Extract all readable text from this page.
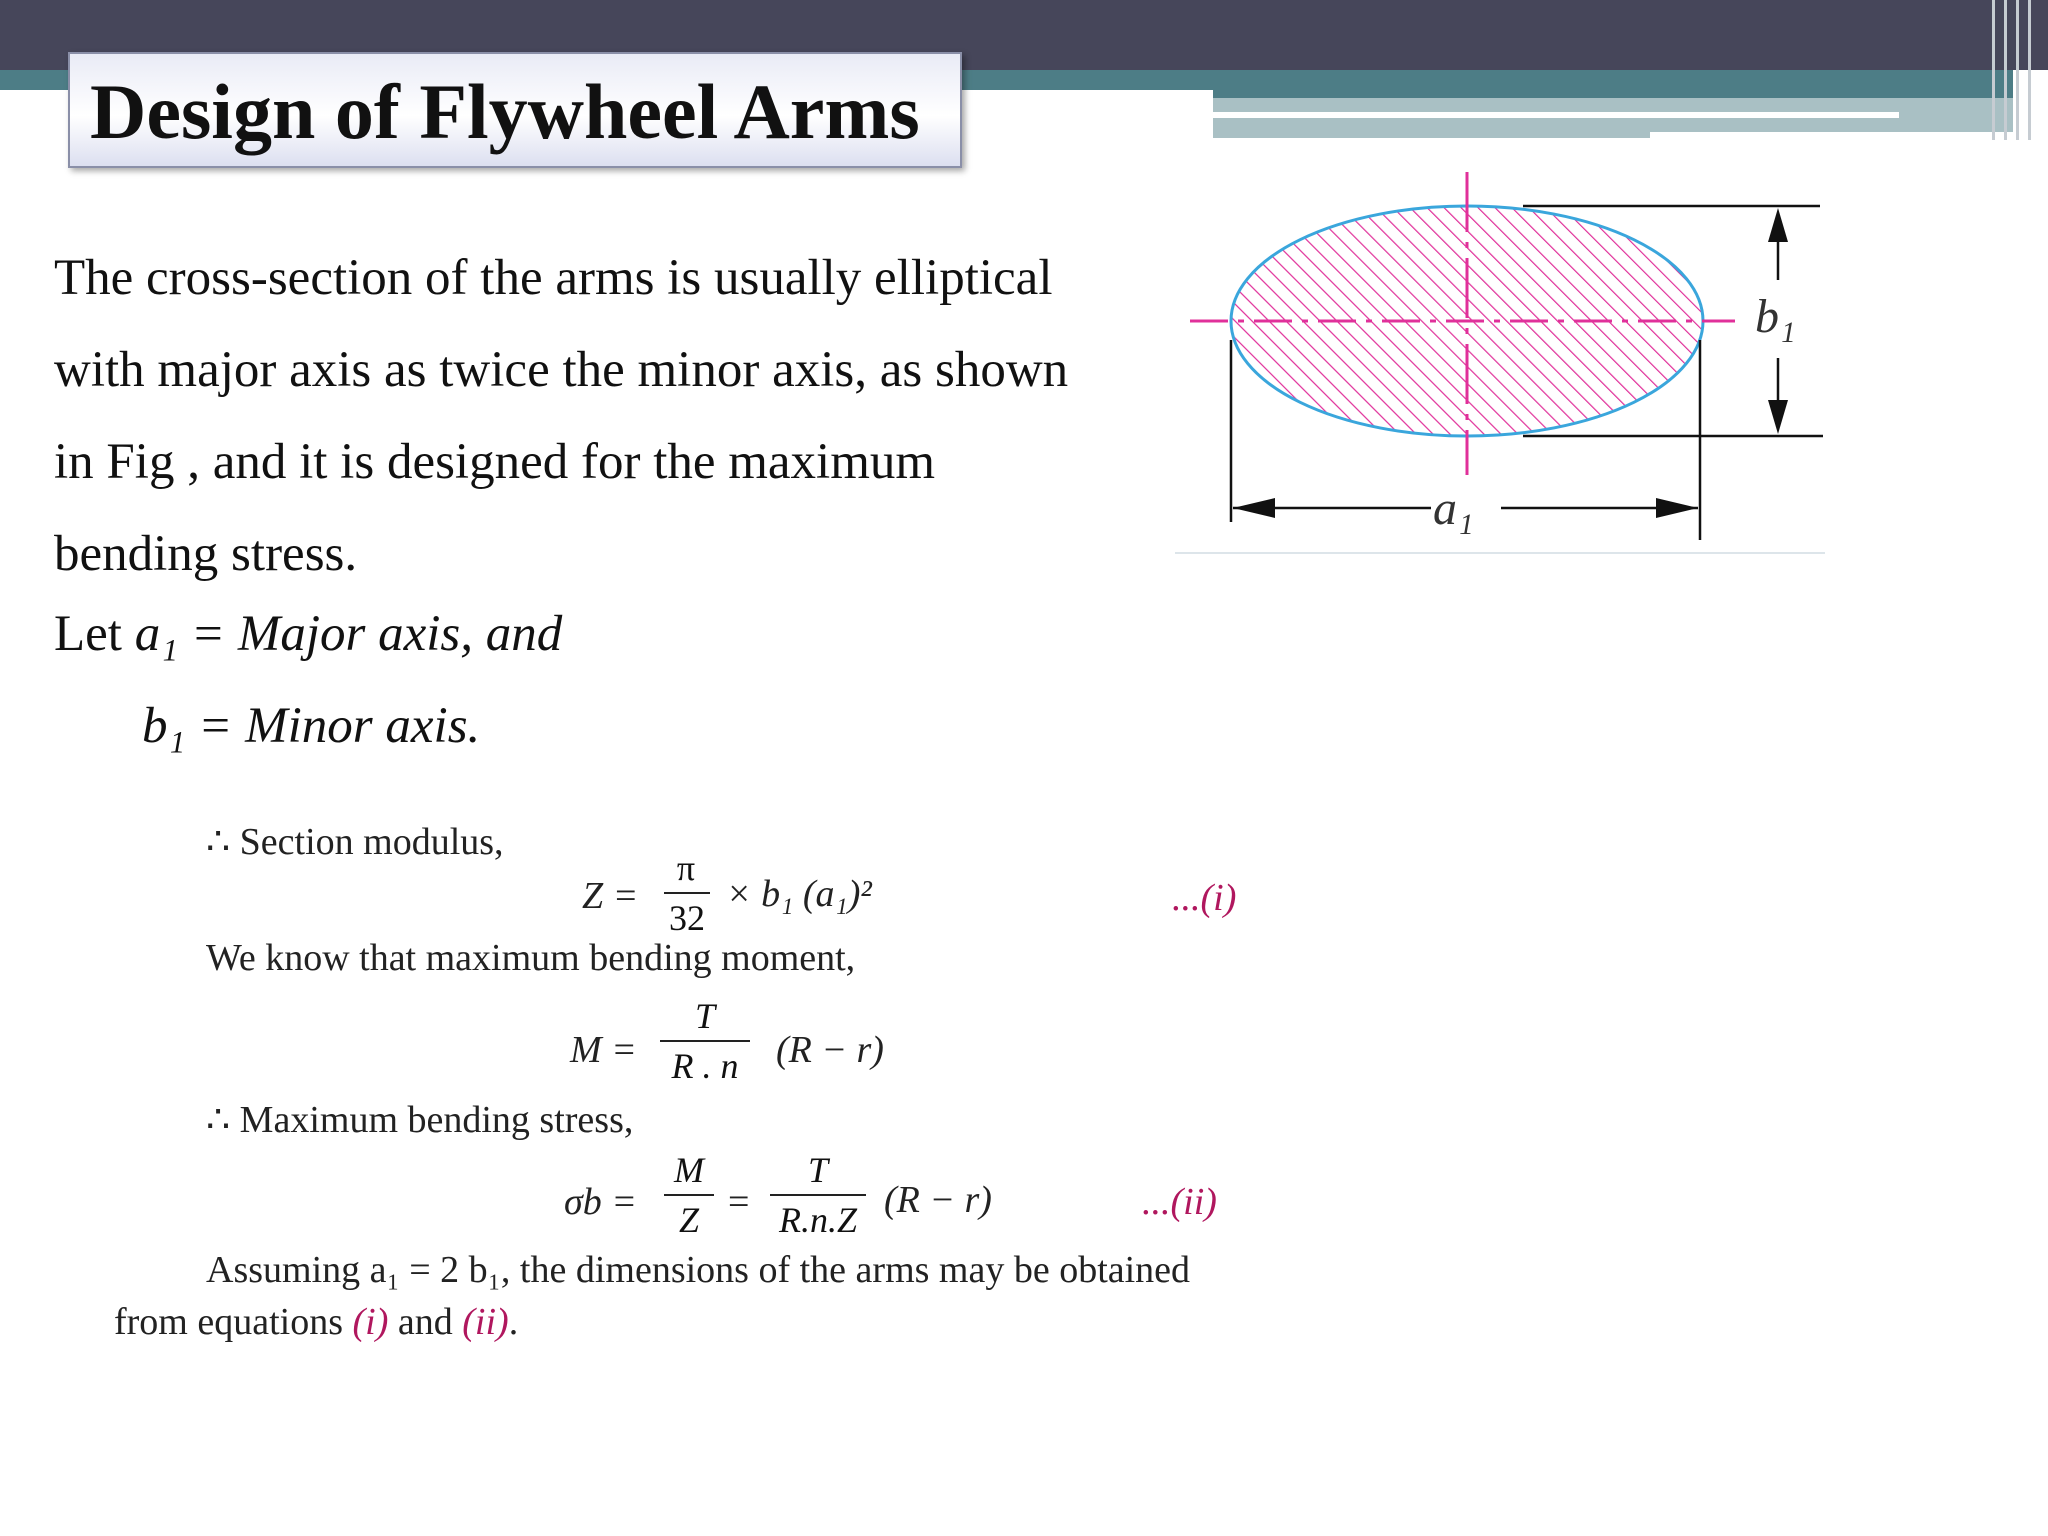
Design of Flywheel Arms
The cross-section of the arms is usually elliptical
with major axis as twice the minor axis, as shown
in Fig , and it is designed for the maximum
bending stress.
Let a₁ = Major axis, and
b₁ = Minor axis.
∴ Section modulus,
Z =
π
32
× b₁ (a₁)²	...(i)
We know that maximum bending moment,
M =
T
R . n (R − r)
∴ Maximum bending stress,
σb =
M
Z =
T
R.n.Z (R − r)	...(ii)
Assuming a₁ = 2 b₁, the dimensions of the arms may be obtained
from equations (i) and (ii).
b₁
a₁
